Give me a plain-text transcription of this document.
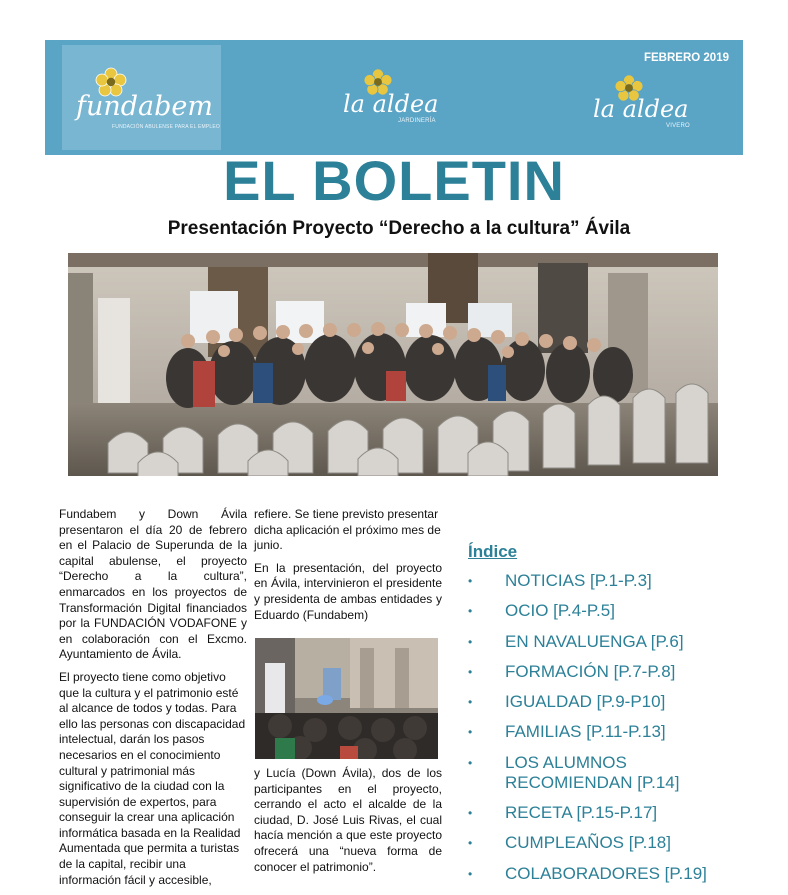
fundabem
FUNDACIÓN ABULENSE PARA EL EMPLEO
la aldea
JARDINERÍA	la aldea
VIVERO
FEBRERO 2019
EL BOLETIN
Presentación Proyecto “Derecho a la cultura” Ávila

Fundabem y Down Ávila presentaron el día 20 de febrero en el Palacio de Superunda de la capital abulense, el proyecto “Derecho a la cultura”, enmarcados en los proyectos de Transformación Digital financiados por la FUNDACIÓN VODAFONE y en colaboración con el Excmo. Ayuntamiento de Ávila.

El proyecto tiene como objetivo que la cultura y el patrimonio esté al alcance de todos y todas. Para ello las personas con discapacidad intelectual, darán los pasos necesarios en el conocimiento cultural y patrimonial más significativo de la ciudad con la supervisión de expertos, para conseguir la crear una aplicación informática basada en la Realidad Aumentada que permita a turistas de la capital, recibir una información fácil y accesible,

refiere. Se tiene previsto presentar dicha aplicación el próximo mes de junio.

En la presentación, del proyecto en Ávila, intervinieron el presidente y presidenta de ambas entidades y Eduardo (Fundabem)

y Lucía (Down Ávila), dos de los participantes en el proyecto, cerrando el acto el alcalde de la ciudad, D. José Luis Rivas, el cual hacía mención a que este proyecto ofrecerá una “nueva forma de conocer el patrimonio”.

Índice
• NOTICIAS [P.1-P.3]
• OCIO [P.4-P.5]
• EN NAVALUENGA [P.6]
• FORMACIÓN [P.7-P.8]
• IGUALDAD [P.9-P10]
• FAMILIAS [P.11-P.13]
• LOS ALUMNOS RECOMIENDAN [P.14]
• RECETA [P.15-P.17]
• CUMPLEAÑOS [P.18]
• COLABORADORES [P.19]
